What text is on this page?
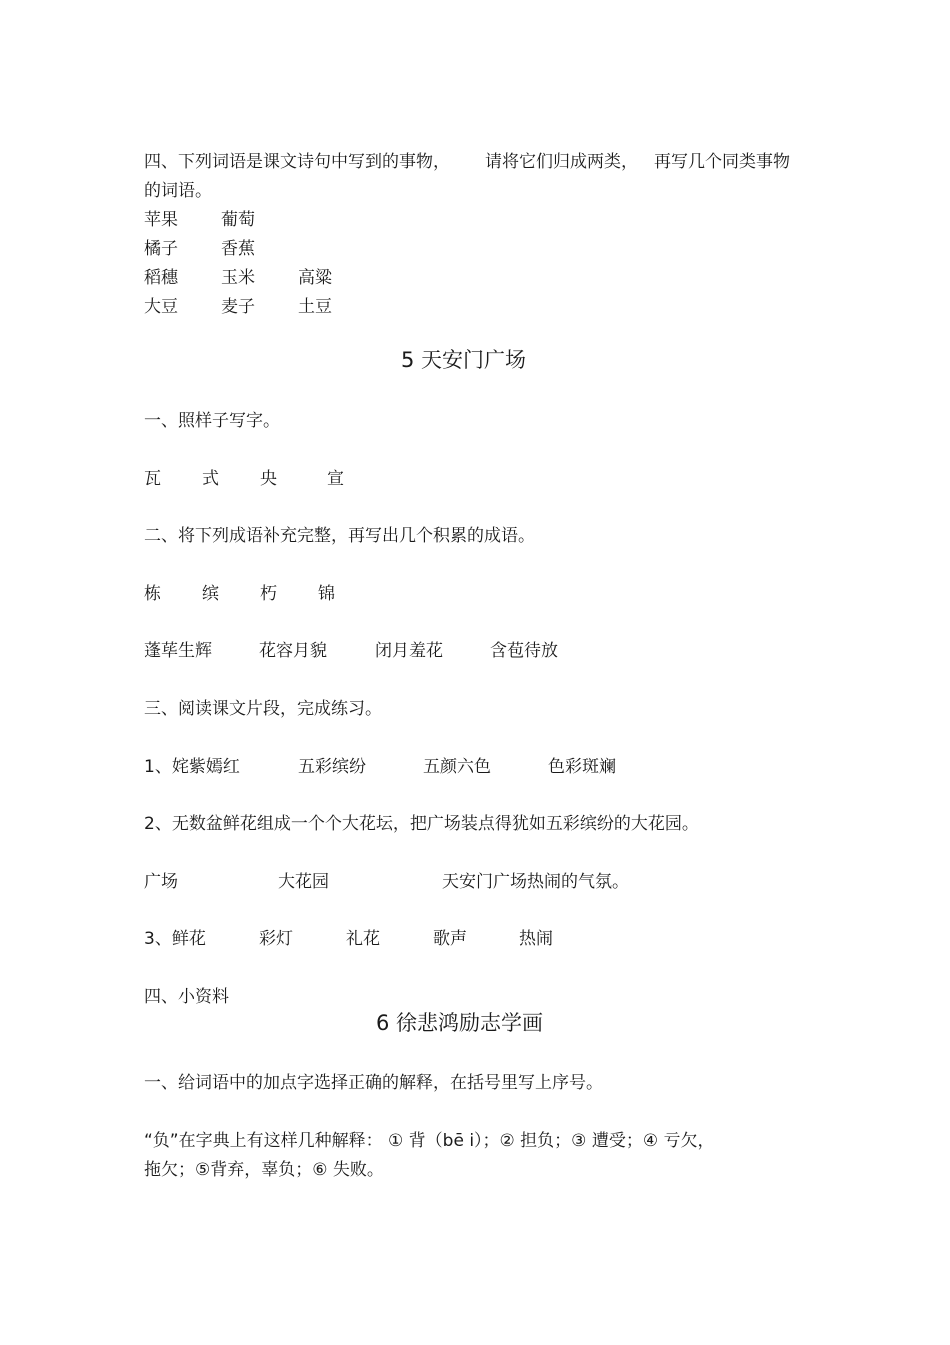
四、下列词语是课文诗句中写到的事物， 请将它们归成两类， 再写几个同类事物
的词语。
苹果	葡萄
橘子	香蕉
稻穗	玉米	高粱
大豆	麦子	土豆
5 天安门广场
一、照样子写字。
瓦 式 央	宣
二、将下列成语补充完整，再写出几个积累的成语。
栋 缤 朽 锦
蓬荜生辉	花容月貌	闭月羞花	含苞待放
三、阅读课文片段，完成练习。
1、姹紫嫣红	五彩缤纷	五颜六色	色彩斑斓
2、无数盆鲜花组成一个个大花坛，把广场装点得犹如五彩缤纷的大花园。
广场	大花园	天安门广场热闹的气氛。
3、鲜花	彩灯	礼花	歌声	热闹
四、小资料
6 徐悲鸿励志学画
一、给词语中的加点字选择正确的解释，在括号里写上序号。
“负”在字典上有这样几种解释： ① 背（bē i）；② 担负；③ 遭受；④ 亏欠，
拖欠；⑤背弃，辜负；⑥ 失败。
